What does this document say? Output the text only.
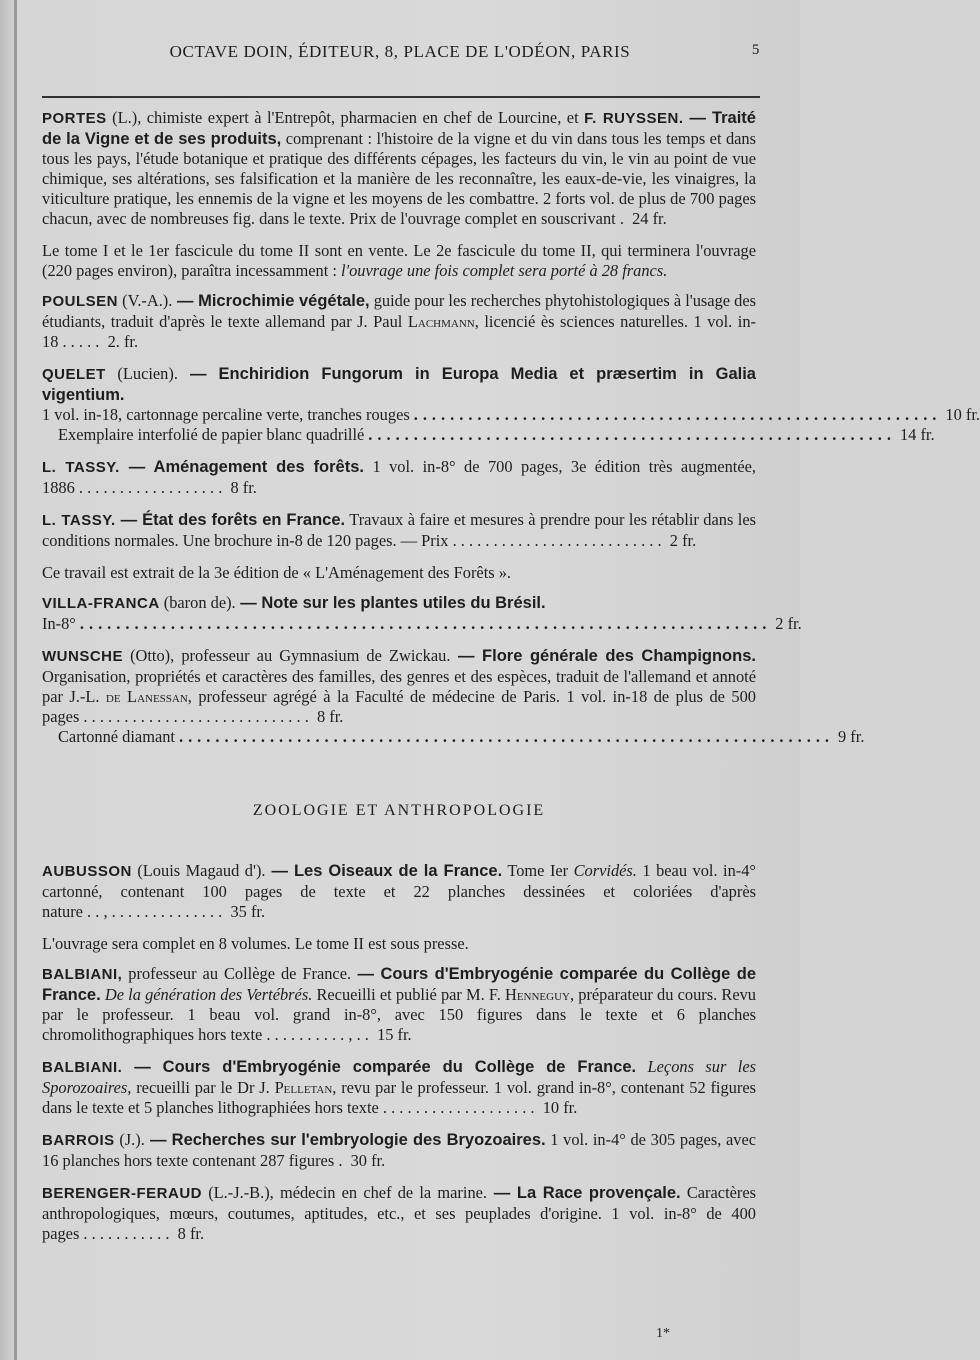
OCTAVE DOIN, ÉDITEUR, 8, PLACE DE L'ODÉON, PARIS	5
PORTES (L.), chimiste expert à l'Entrepôt, pharmacien en chef de Lourcine, et F. RUYSSEN. — Traité de la Vigne et de ses produits, comprenant : l'histoire de la vigne et du vin dans tous les temps et dans tous les pays, l'étude botanique et pratique des différents cépages, les facteurs du vin, le vin au point de vue chimique, ses altérations, ses falsification et la manière de les reconnaître, les eaux-de-vie, les vinaigres, la viticulture pratique, les ennemis de la vigne et les moyens de les combattre. 2 forts vol. de plus de 700 pages chacun, avec de nombreuses fig. dans le texte. Prix de l'ouvrage complet en souscrivant .  24 fr.
Le tome I et le 1er fascicule du tome II sont en vente. Le 2e fascicule du tome II, qui terminera l'ouvrage (220 pages environ), paraîtra incessamment : l'ouvrage une fois complet sera porté à 28 francs.
POULSEN (V.-A.). — Microchimie végétale, guide pour les recherches phytohistologiques à l'usage des étudiants, traduit d'après le texte allemand par J. Paul Lachmann, licencié ès sciences naturelles. 1 vol. in-18 . . . . .  2. fr.
QUELET (Lucien). — Enchiridion Fungorum in Europa Media et præsertim in Galia vigentium.
1 vol. in-18, cartonnage percaline verte, tranches rouges .......................................................... 10 fr.
Exemplaire interfolié de papier blanc quadrillé .......................................................... 14 fr.
L. TASSY. — Aménagement des forêts. 1 vol. in-8° de 700 pages, 3e édition très augmentée, 1886 . . . . . . . . . . . . . . . . . .  8 fr.
L. TASSY. — État des forêts en France. Travaux à faire et mesures à prendre pour les rétablir dans les conditions normales. Une brochure in-8 de 120 pages. — Prix . . . . . . . . . . . . . . . . . . . . . . . . . .  2 fr.
Ce travail est extrait de la 3e édition de « L'Aménagement des Forêts ».
VILLA-FRANCA (baron de). — Note sur les plantes utiles du Brésil.
In-8° ............................................................................ 2 fr.
WUNSCHE (Otto), professeur au Gymnasium de Zwickau. — Flore générale des Champignons. Organisation, propriétés et caractères des familles, des genres et des espèces, traduit de l'allemand et annoté par J.-L. de Lanessan, professeur agrégé à la Faculté de médecine de Paris. 1 vol. in-18 de plus de 500 pages . . . . . . . . . . . . . . . . . . . . . . . . . . . .  8 fr.
Cartonné diamant ........................................................................ 9 fr.
ZOOLOGIE ET ANTHROPOLOGIE
AUBUSSON (Louis Magaud d'). — Les Oiseaux de la France. Tome Ier Corvidés. 1 beau vol. in-4° cartonné, contenant 100 pages de texte et 22 planches dessinées et coloriées d'après nature . . , . . . . . . . . . . . . . .  35 fr.
L'ouvrage sera complet en 8 volumes. Le tome II est sous presse.
BALBIANI, professeur au Collège de France. — Cours d'Embryogénie comparée du Collège de France. De la génération des Vertébrés. Recueilli et publié par M. F. Henneguy, préparateur du cours. Revu par le professeur. 1 beau vol. grand in-8°, avec 150 figures dans le texte et 6 planches chromolithographiques hors texte . . . . . . . . . . , . .  15 fr.
BALBIANI. — Cours d'Embryogénie comparée du Collège de France. Leçons sur les Sporozoaires, recueilli par le Dr J. Pelletan, revu par le professeur. 1 vol. grand in-8°, contenant 52 figures dans le texte et 5 planches lithographiées hors texte . . . . . . . . . . . . . . . . . . .  10 fr.
BARROIS (J.). — Recherches sur l'embryologie des Bryozoaires. 1 vol. in-4° de 305 pages, avec 16 planches hors texte contenant 287 figures .  30 fr.
BERENGER-FERAUD (L.-J.-B.), médecin en chef de la marine. — La Race provençale. Caractères anthropologiques, mœurs, coutumes, aptitudes, etc., et ses peuplades d'origine. 1 vol. in-8° de 400 pages . . . . . . . . . . .  8 fr.
1*
